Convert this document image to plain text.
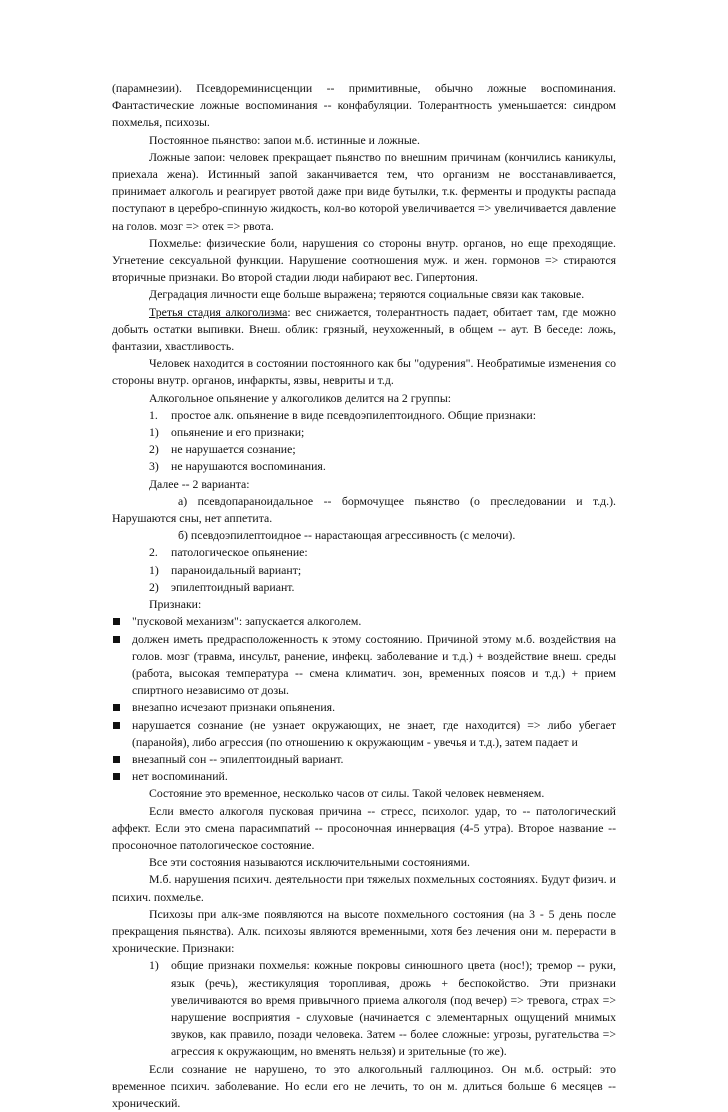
(парамнезии). Псевдореминисценции -- примитивные, обычно ложные воспоминания. Фантастические ложные воспоминания -- конфабуляции. Толерантность уменьшается: синдром похмелья, психозы.

Постоянное пьянство: запои м.б. истинные и ложные.

Ложные запои: человек прекращает пьянство по внешним причинам (кончились каникулы, приехала жена). Истинный запой заканчивается тем, что организм не восстанавливается, принимает алкоголь и реагирует рвотой даже при виде бутылки, т.к. ферменты и продукты распада поступают в церебро-спинную жидкость, кол-во которой увеличивается => увеличивается давление на голов. мозг => отек => рвота.

Похмелье: физические боли, нарушения со стороны внутр. органов, но еще преходящие. Угнетение сексуальной функции. Нарушение соотношения муж. и жен. гормонов => стираются вторичные признаки. Во второй стадии люди набирают вес. Гипертония.

Деградация личности еще больше выражена; теряются социальные связи как таковые.

Третья стадия алкоголизма: вес снижается, толерантность падает, обитает там, где можно добыть остатки выпивки. Внеш. облик: грязный, неухоженный, в общем -- аут. В беседе: ложь, фантазии, хвастливость.

Человек находится в состоянии постоянного как бы "одурения". Необратимые изменения со стороны внутр. органов, инфаркты, язвы, невриты и т.д.

Алкогольное опьянение у алкоголиков делится на 2 группы:

1.	простое алк. опьянение в виде псевдоэпилептоидного. Общие признаки:
1)	опьянение и его признаки;
2)	не нарушается сознание;
3)	не нарушаются воспоминания.

Далее -- 2 варианта:

а) псевдопараноидальное -- бормочущее пьянство (о преследовании и т.д.). Нарушаются сны, нет аппетита.

б) псевдоэпилептоидное -- нарастающая агрессивность (с мелочи).

2.	патологическое опьянение:
1)	параноидальный вариант;
2)	эпилептоидный вариант.

Признаки:

"пусковой механизм": запускается алкоголем.
должен иметь предрасположенность к этому состоянию. Причиной этому м.б. воздействия на голов. мозг (травма, инсульт, ранение, инфекц. заболевание и т.д.) + воздействие внеш. среды (работа, высокая температура -- смена климатич. зон, временных поясов и т.д.) + прием спиртного независимо от дозы.
внезапно исчезают признаки опьянения.
нарушается сознание (не узнает окружающих, не знает, где находится) => либо убегает (паранойя), либо агрессия (по отношению к окружающим - увечья и т.д.), затем падает и
внезапный сон -- эпилептоидный вариант.
нет воспоминаний.

Состояние это временное, несколько часов от силы. Такой человек невменяем.

Если вместо алкоголя пусковая причина -- стресс, психолог. удар, то -- патологический аффект. Если это смена парасимпатий -- просоночная иннервация (4-5 утра). Второе название -- просоночное патологическое состояние.

Все эти состояния называются исключительными состояниями.

М.б. нарушения психич. деятельности при тяжелых похмельных состояниях. Будут физич. и психич. похмелье.

Психозы при алк-зме появляются на высоте похмельного состояния (на 3 - 5 день после прекращения пьянства). Алк. психозы являются временными, хотя без лечения они м. перерасти в хронические. Признаки:

1)	общие признаки похмелья: кожные покровы синюшного цвета (нос!); тремор -- руки, язык (речь), жестикуляция торопливая, дрожь + беспокойство. Эти признаки увеличиваются во время привычного приема алкоголя (под вечер) => тревога, страх => нарушение восприятия - слуховые (начинается с элементарных ощущений мнимых звуков, как правило, позади человека. Затем -- более сложные: угрозы, ругательства => агрессия к окружающим, но вменять нельзя) и зрительные (то же).

Если сознание не нарушено, то это алкогольный галлюциноз. Он м.б. острый: это временное психич. заболевание. Но если его не лечить, то он м. длиться больше 6 месяцев -- хронический.
